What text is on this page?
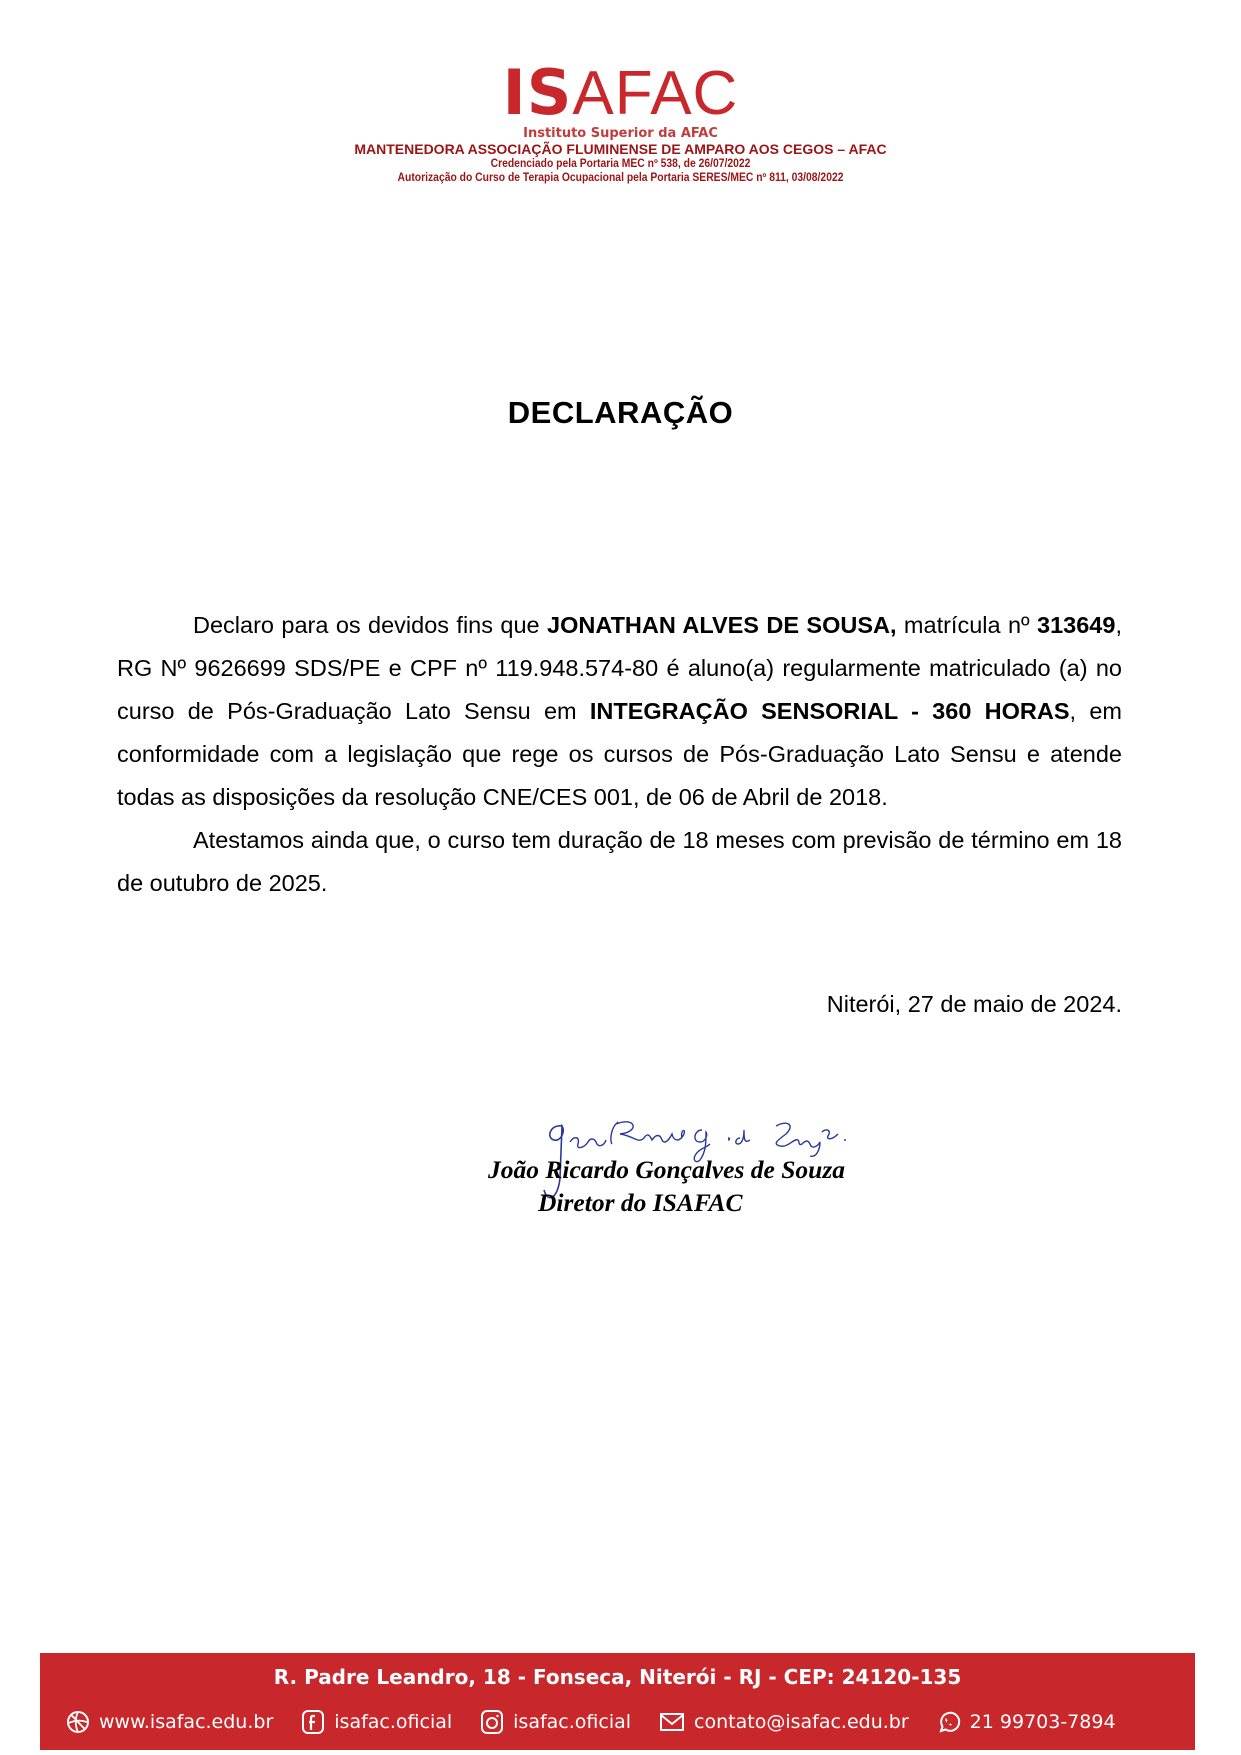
ISAFAC
Instituto Superior da AFAC
MANTENEDORA ASSOCIAÇÃO FLUMINENSE DE AMPARO AOS CEGOS – AFAC
Credenciado pela Portaria MEC nº 538, de 26/07/2022
Autorização do Curso de Terapia Ocupacional pela Portaria SERES/MEC nº 811, 03/08/2022
DECLARAÇÃO

Declaro para os devidos fins que JONATHAN ALVES DE SOUSA, matrícula nº 313649, RG Nº 9626699 SDS/PE e CPF nº 119.948.574-80 é aluno(a) regularmente matriculado (a) no curso de Pós-Graduação Lato Sensu em INTEGRAÇÃO SENSORIAL - 360 HORAS, em conformidade com a legislação que rege os cursos de Pós-Graduação Lato Sensu e atende todas as disposições da resolução CNE/CES 001, de 06 de Abril de 2018.

Atestamos ainda que, o curso tem duração de 18 meses com previsão de término em 18 de outubro de 2025.

Niterói, 27 de maio de 2024.
João Ricardo Gonçalves de Souza
Diretor do ISAFAC
R. Padre Leandro, 18 - Fonseca, Niterói - RJ - CEP: 24120-135
www.isafac.edu.br	isafac.oficial	isafac.oficial	contato@isafac.edu.br	21 99703-7894
